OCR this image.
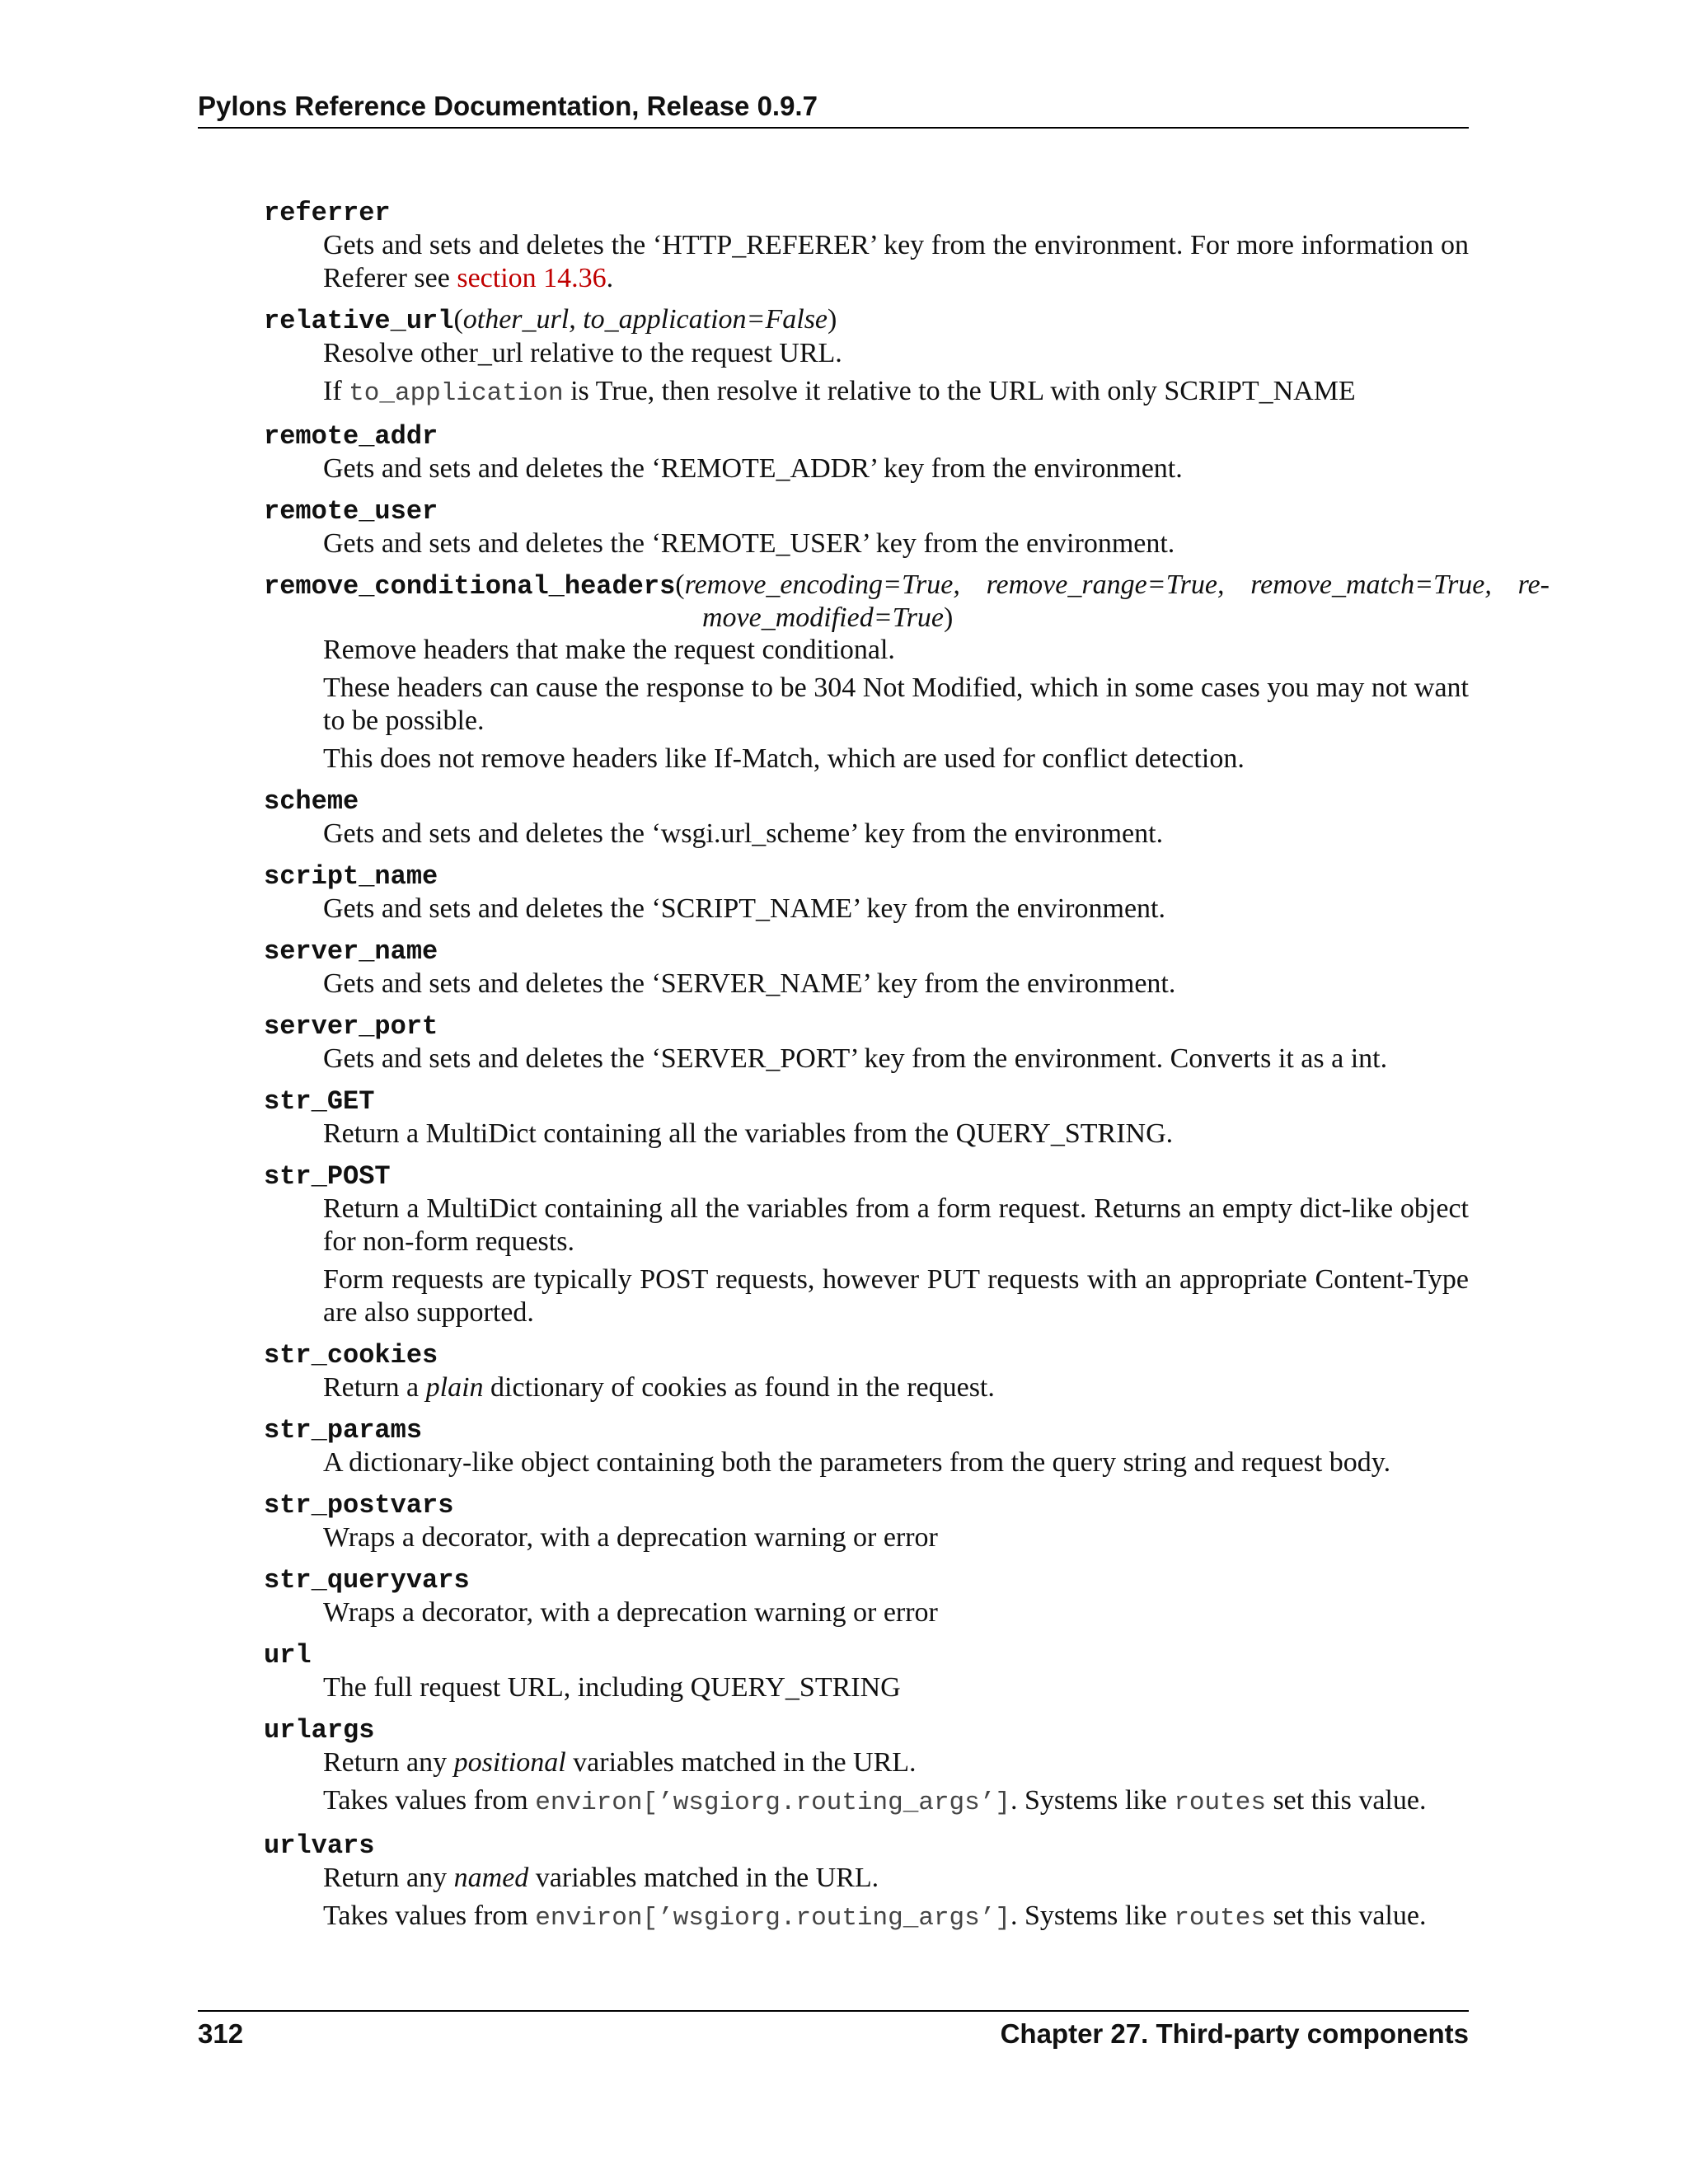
Pylons Reference Documentation, Release 0.9.7
referrer

Gets and sets and deletes the ‘HTTP_REFERER’ key from the environment. For more information on Referer see section 14.36.

relative_url(other_url, to_application=False)

Resolve other_url relative to the request URL.

If to_application is True, then resolve it relative to the URL with only SCRIPT_NAME

remote_addr

Gets and sets and deletes the ‘REMOTE_ADDR’ key from the environment.

remote_user

Gets and sets and deletes the ‘REMOTE_USER’ key from the environment.

remove_conditional_headers(remove_encoding=True, remove_range=True, remove_match=True, re-
move_modified=True)

Remove headers that make the request conditional.

These headers can cause the response to be 304 Not Modified, which in some cases you may not want to be possible.

This does not remove headers like If-Match, which are used for conflict detection.

scheme

Gets and sets and deletes the ‘wsgi.url_scheme’ key from the environment.

script_name

Gets and sets and deletes the ‘SCRIPT_NAME’ key from the environment.

server_name

Gets and sets and deletes the ‘SERVER_NAME’ key from the environment.

server_port

Gets and sets and deletes the ‘SERVER_PORT’ key from the environment. Converts it as a int.

str_GET

Return a MultiDict containing all the variables from the QUERY_STRING.

str_POST

Return a MultiDict containing all the variables from a form request. Returns an empty dict-like object for non-form requests.

Form requests are typically POST requests, however PUT requests with an appropriate Content-Type are also supported.

str_cookies

Return a plain dictionary of cookies as found in the request.

str_params

A dictionary-like object containing both the parameters from the query string and request body.

str_postvars

Wraps a decorator, with a deprecation warning or error

str_queryvars

Wraps a decorator, with a deprecation warning or error

url

The full request URL, including QUERY_STRING

urlargs

Return any positional variables matched in the URL.

Takes values from environ[’wsgiorg.routing_args’]. Systems like routes set this value.

urlvars

Return any named variables matched in the URL.

Takes values from environ[’wsgiorg.routing_args’]. Systems like routes set this value.

312	Chapter 27. Third-party components
